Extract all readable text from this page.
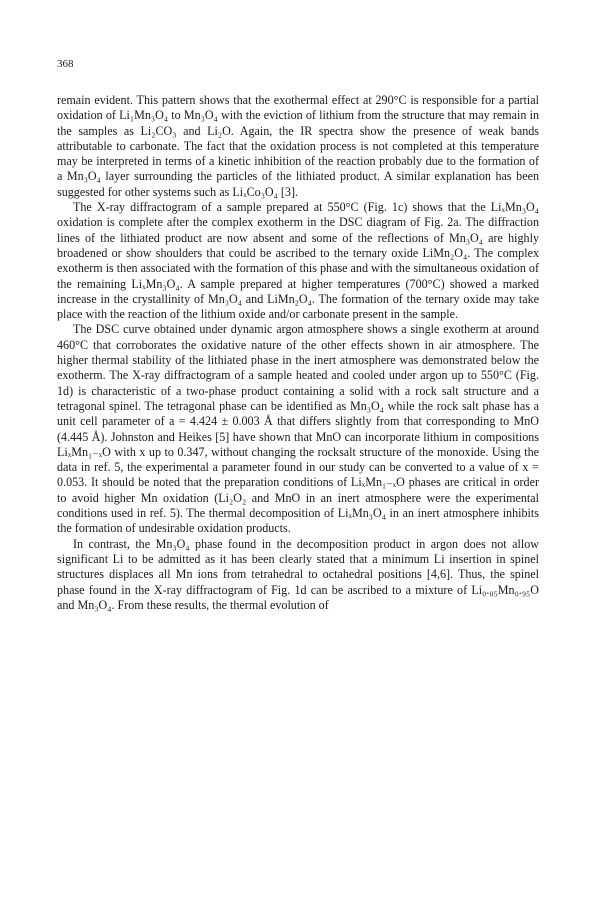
368

remain evident. This pattern shows that the exothermal effect at 290°C is responsible for a partial oxidation of Li₁Mn₃O₄ to Mn₃O₄ with the eviction of lithium from the structure that may remain in the samples as Li₂CO₃ and Li₂O. Again, the IR spectra show the presence of weak bands attributable to carbonate. The fact that the oxidation process is not completed at this temperature may be interpreted in terms of a kinetic inhibition of the reaction probably due to the formation of a Mn₃O₄ layer surrounding the particles of the lithiated product. A similar explanation has been suggested for other systems such as LiₓCo₃O₄ [3].

The X-ray diffractogram of a sample prepared at 550°C (Fig. 1c) shows that the LiₓMn₃O₄ oxidation is complete after the complex exotherm in the DSC diagram of Fig. 2a. The diffraction lines of the lithiated product are now absent and some of the reflections of Mn₃O₄ are highly broadened or show shoulders that could be ascribed to the ternary oxide LiMn₂O₄. The complex exotherm is then associated with the formation of this phase and with the simultaneous oxidation of the remaining LiₓMn₃O₄. A sample prepared at higher temperatures (700°C) showed a marked increase in the crystallinity of Mn₃O₄ and LiMn₂O₄. The formation of the ternary oxide may take place with the reaction of the lithium oxide and/or carbonate present in the sample.

The DSC curve obtained under dynamic argon atmosphere shows a single exotherm at around 460°C that corroborates the oxidative nature of the other effects shown in air atmosphere. The higher thermal stability of the lithiated phase in the inert atmosphere was demonstrated below the exotherm. The X-ray diffractogram of a sample heated and cooled under argon up to 550°C (Fig. 1d) is characteristic of a two-phase product containing a solid with a rock salt structure and a tetragonal spinel. The tetragonal phase can be identified as Mn₃O₄ while the rock salt phase has a unit cell parameter of a = 4.424 ± 0.003 Å that differs slightly from that corresponding to MnO (4.445 Å). Johnston and Heikes [5] have shown that MnO can incorporate lithium in compositions LiₓMn₁₋ₓO with x up to 0.347, without changing the rocksalt structure of the monoxide. Using the data in ref. 5, the experimental a parameter found in our study can be converted to a value of x = 0.053. It should be noted that the preparation conditions of LiₓMn₁₋ₓO phases are critical in order to avoid higher Mn oxidation (Li₂O₂ and MnO in an inert atmosphere were the experimental conditions used in ref. 5). The thermal decomposition of LiₓMn₃O₄ in an inert atmosphere inhibits the formation of undesirable oxidation products.

In contrast, the Mn₃O₄ phase found in the decomposition product in argon does not allow significant Li to be admitted as it has been clearly stated that a minimum Li insertion in spinel structures displaces all Mn ions from tetrahedral to octahedral positions [4,6]. Thus, the spinel phase found in the X-ray diffractogram of Fig. 1d can be ascribed to a mixture of Li₀.₀₅Mn₀.₉₅O and Mn₃O₄. From these results, the thermal evolution of
